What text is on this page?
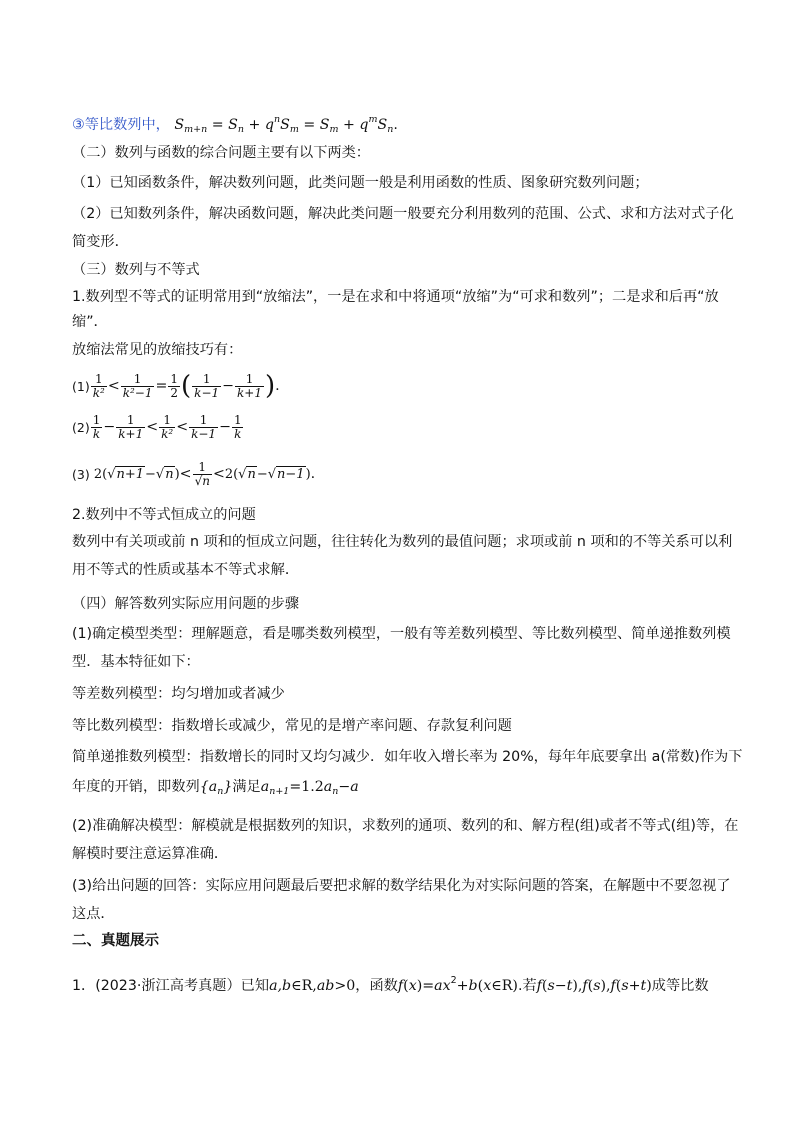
③等比数列中， $S_{m+n} = S_n + q^nS_m = S_m + q^mS_n$.
（二）数列与函数的综合问题主要有以下两类：
（1）已知函数条件，解决数列问题，此类问题一般是利用函数的性质、图象研究数列问题；
（2）已知数列条件，解决函数问题，解决此类问题一般要充分利用数列的范围、公式、求和方法对式子化
简变形．
（三）数列与不等式
1.数列型不等式的证明常用到“放缩法”，一是在求和中将通项“放缩”为“可求和数列”；二是求和后再“放
缩”．
放缩法常见的放缩技巧有：
$(1) \frac{1}{\text{k²}} < \frac{1}{\text{k²−1}} = \frac{1}{2}$ ( $\frac{1}{k-1} - \frac{1}{k+1}$ ) .
$(2) \frac{1}{k} - \frac{1}{k+1} < \frac{1}{\text{k²}} < \frac{1}{k-1} - \frac{1}{k}$
(3) $2(√n+1-√n) < \frac{1}{√n} < 2(√n-√n-1)$ .
2.数列中不等式恒成立的问题
数列中有关项或前 n 项和的恒成立问题，往往转化为数列的最值问题；求项或前 n 项和的不等关系可以利
用不等式的性质或基本不等式求解．
（四）解答数列实际应用问题的步骤
(1)确定模型类型：理解题意，看是哪类数列模型，一般有等差数列模型、等比数列模型、简单递推数列模
型．基本特征如下：
等差数列模型：均匀增加或者减少
等比数列模型：指数增长或减少，常见的是增产率问题、存款复利问题
简单递推数列模型：指数增长的同时又均匀减少．如年收入增长率为 20%，每年年底要拿出 a(常数)作为下
年度的开销，即数列$\{a_n\}$满足$a_{n+1}=1.2a_n-a$
(2)准确解决模型：解模就是根据数列的知识，求数列的通项、数列的和、解方程(组)或者不等式(组)等，在
解模时要注意运算准确．
(3)给出问题的回答：实际应用问题最后要把求解的数学结果化为对实际问题的答案，在解题中不要忽视了
这点．
二、真题展示
1．(2023·浙江高考真题）已知a,b∈R,ab>0，函数$f(x)=ax^2+b(x\in R)$.若f(s−t),f(s),f(s+t)成等比数
